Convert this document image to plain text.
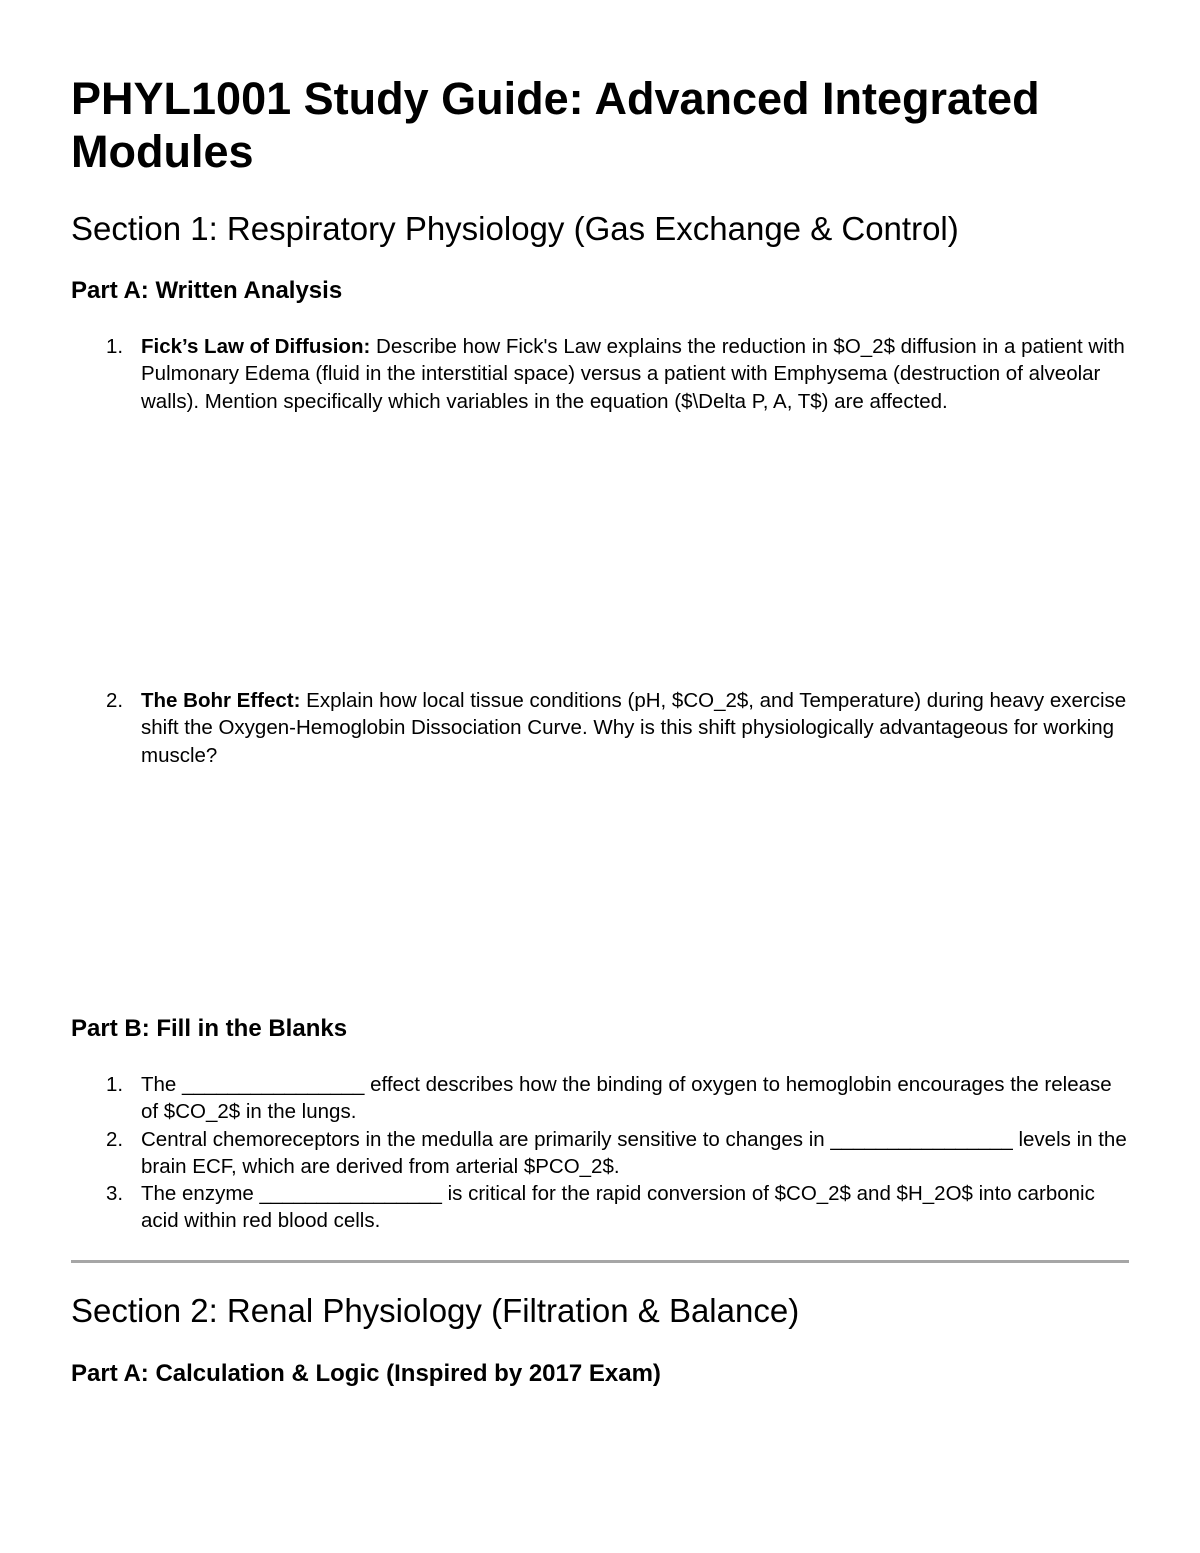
PHYL1001 Study Guide: Advanced Integrated Modules
Section 1: Respiratory Physiology (Gas Exchange & Control)
Part A: Written Analysis
1. Fick’s Law of Diffusion: Describe how Fick's Law explains the reduction in $O_2$ diffusion in a patient with Pulmonary Edema (fluid in the interstitial space) versus a patient with Emphysema (destruction of alveolar walls). Mention specifically which variables in the equation ($\Delta P, A, T$) are affected.
2. The Bohr Effect: Explain how local tissue conditions (pH, $CO_2$, and Temperature) during heavy exercise shift the Oxygen-Hemoglobin Dissociation Curve. Why is this shift physiologically advantageous for working muscle?
Part B: Fill in the Blanks
1. The ________________ effect describes how the binding of oxygen to hemoglobin encourages the release of $CO_2$ in the lungs.
2. Central chemoreceptors in the medulla are primarily sensitive to changes in ________________ levels in the brain ECF, which are derived from arterial $PCO_2$.
3. The enzyme ________________ is critical for the rapid conversion of $CO_2$ and $H_2O$ into carbonic acid within red blood cells.
Section 2: Renal Physiology (Filtration & Balance)
Part A: Calculation & Logic (Inspired by 2017 Exam)
